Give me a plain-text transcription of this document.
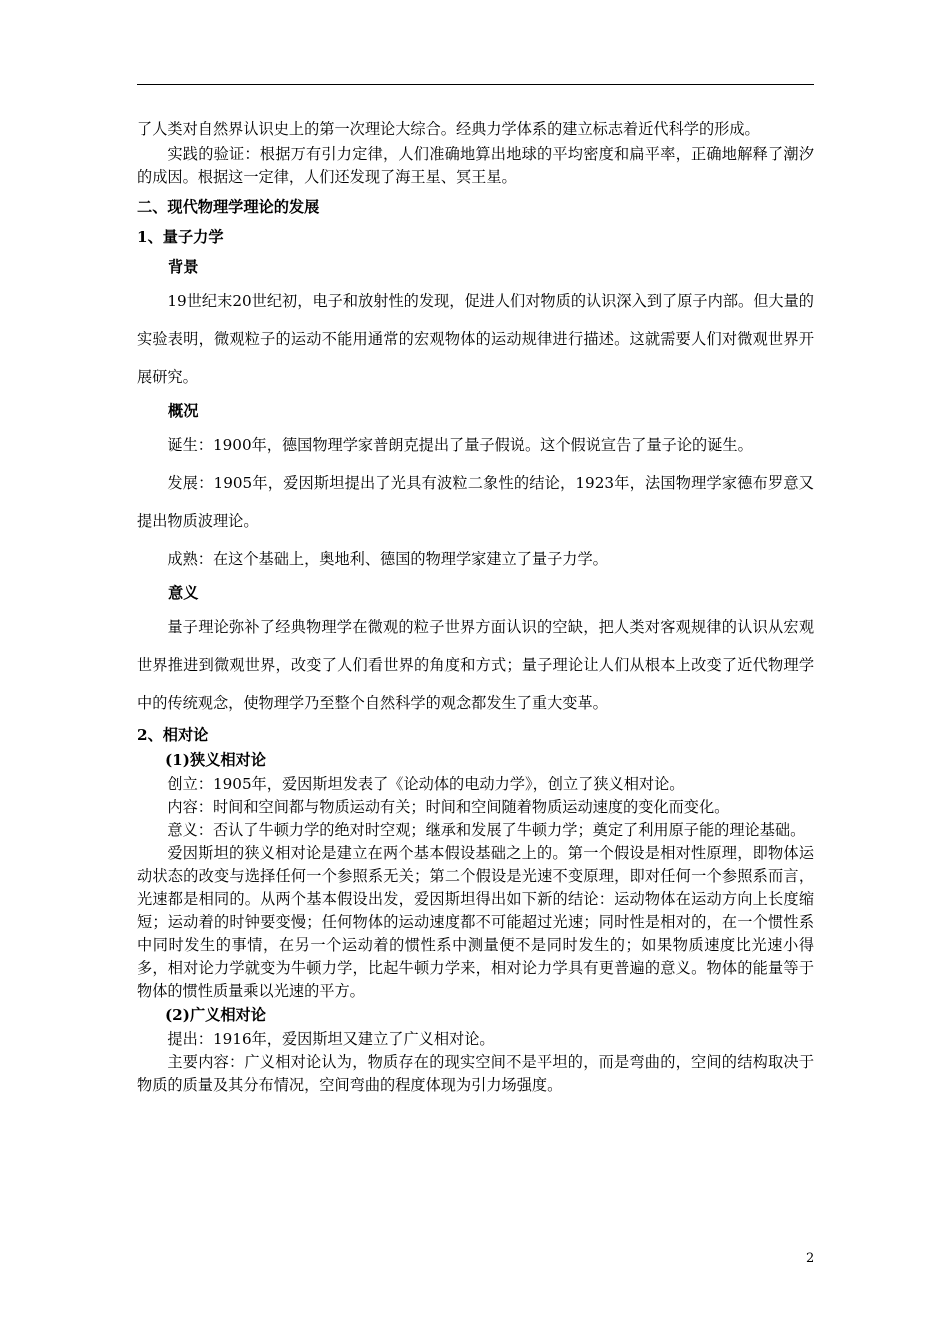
了人类对自然界认识史上的第一次理论大综合。经典力学体系的建立标志着近代科学的形成。

实践的验证：根据万有引力定律，人们准确地算出地球的平均密度和扁平率，正确地解释了潮汐的成因。根据这一定律，人们还发现了海王星、冥王星。

二、现代物理学理论的发展

1、量子力学

背景

19世纪末20世纪初，电子和放射性的发现，促进人们对物质的认识深入到了原子内部。但大量的实验表明，微观粒子的运动不能用通常的宏观物体的运动规律进行描述。这就需要人们对微观世界开展研究。

概况

诞生：1900年，德国物理学家普朗克提出了量子假说。这个假说宣告了量子论的诞生。

发展：1905年，爱因斯坦提出了光具有波粒二象性的结论，1923年，法国物理学家德布罗意又提出物质波理论。

成熟：在这个基础上，奥地利、德国的物理学家建立了量子力学。

意义

量子理论弥补了经典物理学在微观的粒子世界方面认识的空缺，把人类对客观规律的认识从宏观世界推进到微观世界，改变了人们看世界的角度和方式；量子理论让人们从根本上改变了近代物理学中的传统观念，使物理学乃至整个自然科学的观念都发生了重大变革。

2、相对论

(1)狭义相对论

创立：1905年，爱因斯坦发表了《论动体的电动力学》，创立了狭义相对论。

内容：时间和空间都与物质运动有关；时间和空间随着物质运动速度的变化而变化。

意义：否认了牛顿力学的绝对时空观；继承和发展了牛顿力学；奠定了利用原子能的理论基础。

爱因斯坦的狭义相对论是建立在两个基本假设基础之上的。第一个假设是相对性原理，即物体运动状态的改变与选择任何一个参照系无关；第二个假设是光速不变原理，即对任何一个参照系而言，光速都是相同的。从两个基本假设出发，爱因斯坦得出如下新的结论：运动物体在运动方向上长度缩短；运动着的时钟要变慢；任何物体的运动速度都不可能超过光速；同时性是相对的，在一个惯性系中同时发生的事情，在另一个运动着的惯性系中测量便不是同时发生的；如果物质速度比光速小得多，相对论力学就变为牛顿力学，比起牛顿力学来，相对论力学具有更普遍的意义。物体的能量等于物体的惯性质量乘以光速的平方。

(2)广义相对论

提出：1916年，爱因斯坦又建立了广义相对论。

主要内容：广义相对论认为，物质存在的现实空间不是平坦的，而是弯曲的，空间的结构取决于物质的质量及其分布情况，空间弯曲的程度体现为引力场强度。

2
